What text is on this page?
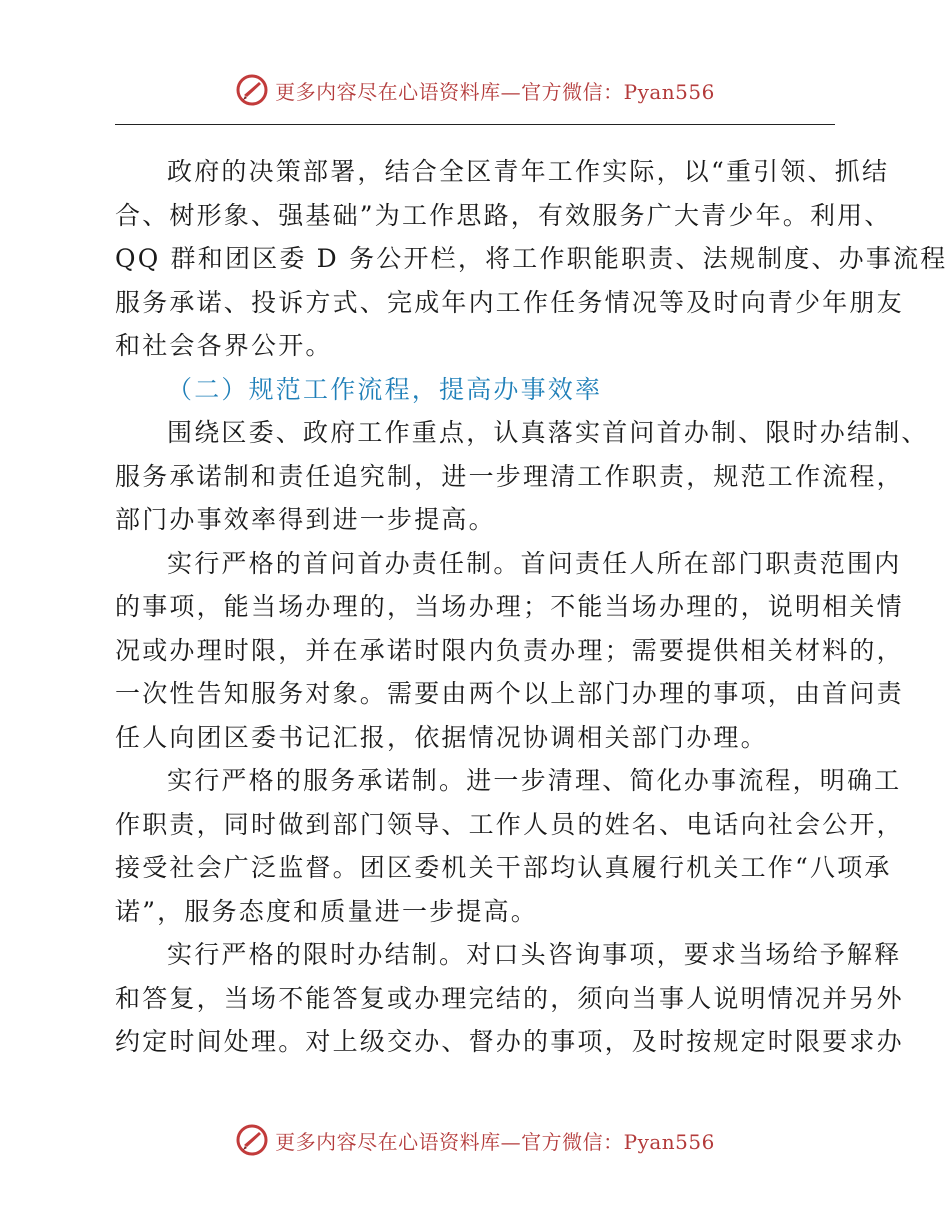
更多内容尽在心语资料库—官方微信：Pyan556

政府的决策部署，结合全区青年工作实际，以“重引领、抓结
合、树形象、强基础”为工作思路，有效服务广大青少年。利用、
QQ 群和团区委 D 务公开栏，将工作职能职责、法规制度、办事流程
服务承诺、投诉方式、完成年内工作任务情况等及时向青少年朋友
和社会各界公开。

（二）规范工作流程，提高办事效率

围绕区委、政府工作重点，认真落实首问首办制、限时办结制、
服务承诺制和责任追究制，进一步理清工作职责，规范工作流程，
部门办事效率得到进一步提高。

实行严格的首问首办责任制。首问责任人所在部门职责范围内
的事项，能当场办理的，当场办理；不能当场办理的，说明相关情
况或办理时限，并在承诺时限内负责办理；需要提供相关材料的，
一次性告知服务对象。需要由两个以上部门办理的事项，由首问责
任人向团区委书记汇报，依据情况协调相关部门办理。

实行严格的服务承诺制。进一步清理、简化办事流程，明确工
作职责，同时做到部门领导、工作人员的姓名、电话向社会公开，
接受社会广泛监督。团区委机关干部均认真履行机关工作“八项承
诺”，服务态度和质量进一步提高。

实行严格的限时办结制。对口头咨询事项，要求当场给予解释
和答复，当场不能答复或办理完结的，须向当事人说明情况并另外
约定时间处理。对上级交办、督办的事项，及时按规定时限要求办

更多内容尽在心语资料库—官方微信：Pyan556
